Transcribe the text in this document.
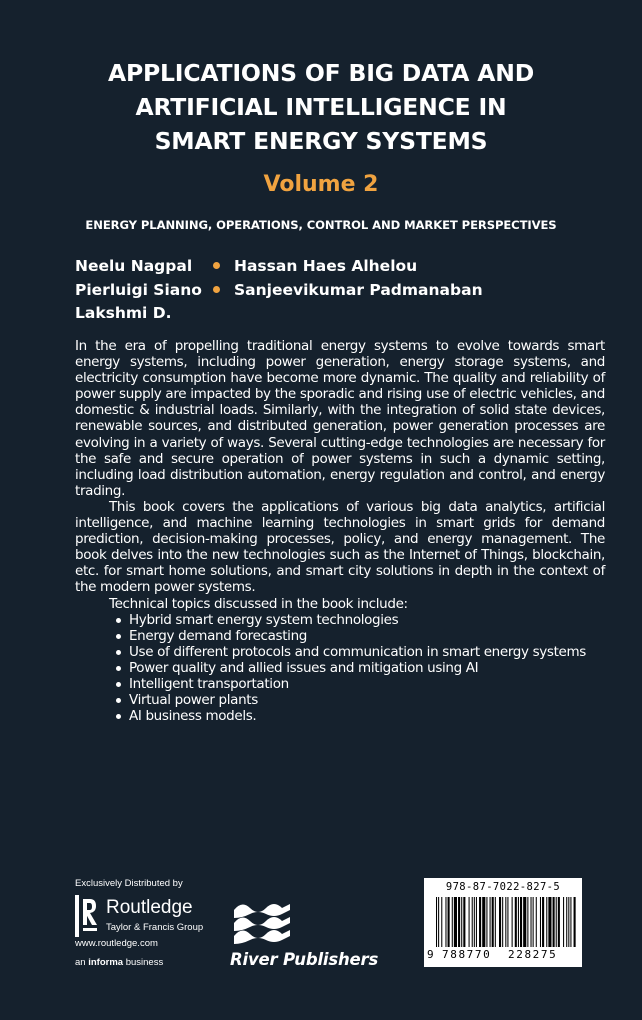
APPLICATIONS OF BIG DATA AND
ARTIFICIAL INTELLIGENCE IN
SMART ENERGY SYSTEMS
Volume 2
ENERGY PLANNING, OPERATIONS, CONTROL AND MARKET PERSPECTIVES
Neelu Nagpal	Hassan Haes Alhelou
Pierluigi Siano Sanjeevikumar Padmanaban
Lakshmi D.

In the era of propelling traditional energy systems to evolve towards smart energy systems, including power generation, energy storage systems, and electricity consumption have become more dynamic. The quality and reliability of power supply are impacted by the sporadic and rising use of electric vehicles, and domestic & industrial loads. Similarly, with the integration of solid state devices, renewable sources, and distributed generation, power generation processes are evolving in a variety of ways. Several cutting-edge technologies are necessary for the safe and secure operation of power systems in such a dynamic setting, including load distribution automation, energy regulation and control, and energy trading.

This book covers the applications of various big data analytics, artificial intelligence, and machine learning technologies in smart grids for demand prediction, decision-making processes, policy, and energy management. The book delves into the new technologies such as the Internet of Things, blockchain, etc. for smart home solutions, and smart city solutions in depth in the context of the modern power systems.

Technical topics discussed in the book include:

Hybrid smart energy system technologies
Energy demand forecasting
Use of different protocols and communication in smart energy systems
Power quality and allied issues and mitigation using AI
Intelligent transportation
Virtual power plants
AI business models.
Exclusively Distributed by
Routledge
Taylor & Francis Group
www.routledge.com
an informa business	River Publishers
978-87-7022-827-5
9 788770 228275
